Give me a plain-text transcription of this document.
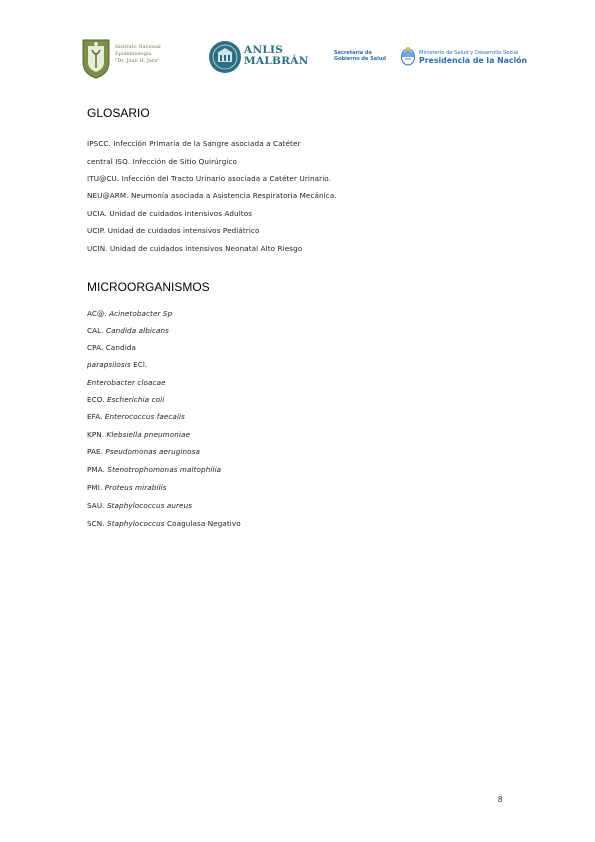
Instituto Nacional
Epidemiología
"Dr. Juan H. Jara"
ANLIS
MALBRÁN
Secretaría de
Gobierno de Salud
Ministerio de Salud y Desarrollo Social
Presidencia de la Nación
GLOSARIO
IPSCC. Infección Primaria de la Sangre asociada a Catéter
central ISQ. Infección de Sitio Quirúrgico
ITU@CU. Infección del Tracto Urinario asociada a Catéter Urinario.
NEU@ARM. Neumonía asociada a Asistencia Respiratoria Mecánica.
UCIA. Unidad de cuidados intensivos Adultos
UCIP. Unidad de cuidados intensivos Pediátrico
UCIN. Unidad de cuidados intensivos Neonatal Alto Riesgo
MICROORGANISMOS
AC@. Acinetobacter Sp
CAL. Candida albicans
CPA. Candida
parapsilosis ECl.
Enterobacter cloacae
ECO. Escherichia coli
EFA. Enterococcus faecalis
KPN. Klebsiella pneumoniae
PAE. Pseudomonas aeruginosa
PMA. Stenotrophomonas maltophilia
PMI. Proteus mirabilis
SAU. Staphylococcus aureus
SCN. Staphylococcus Coagulasa Negativo
8
